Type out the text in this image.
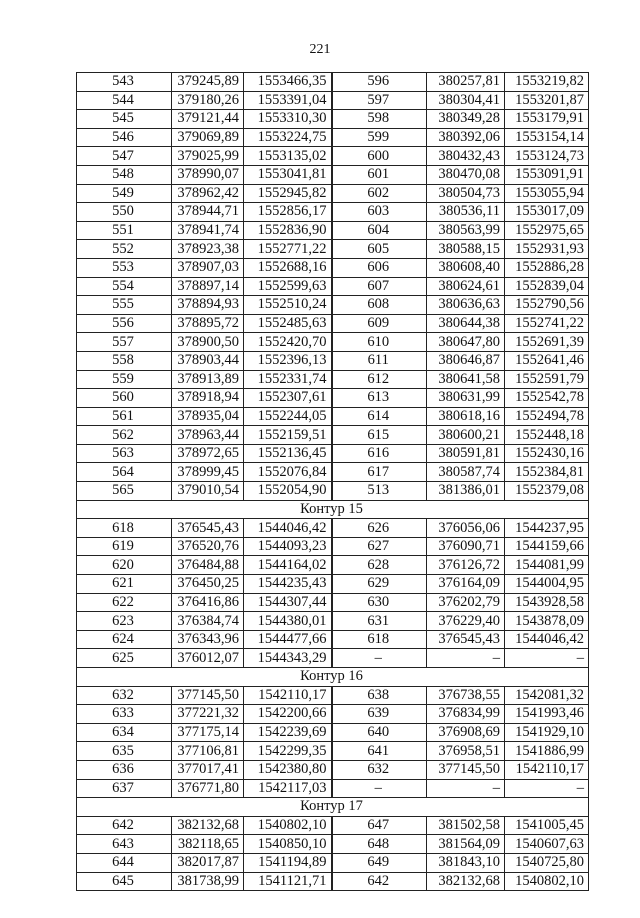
221
543	379245,89	1553466,35	596	380257,81	1553219,82
544	379180,26	1553391,04	597	380304,41	1553201,87
545	379121,44	1553310,30	598	380349,28	1553179,91
546	379069,89	1553224,75	599	380392,06	1553154,14
547	379025,99	1553135,02	600	380432,43	1553124,73
548	378990,07	1553041,81	601	380470,08	1553091,91
549	378962,42	1552945,82	602	380504,73	1553055,94
550	378944,71	1552856,17	603	380536,11	1553017,09
551	378941,74	1552836,90	604	380563,99	1552975,65
552	378923,38	1552771,22	605	380588,15	1552931,93
553	378907,03	1552688,16	606	380608,40	1552886,28
554	378897,14	1552599,63	607	380624,61	1552839,04
555	378894,93	1552510,24	608	380636,63	1552790,56
556	378895,72	1552485,63	609	380644,38	1552741,22
557	378900,50	1552420,70	610	380647,80	1552691,39
558	378903,44	1552396,13	611	380646,87	1552641,46
559	378913,89	1552331,74	612	380641,58	1552591,79
560	378918,94	1552307,61	613	380631,99	1552542,78
561	378935,04	1552244,05	614	380618,16	1552494,78
562	378963,44	1552159,51	615	380600,21	1552448,18
563	378972,65	1552136,45	616	380591,81	1552430,16
564	378999,45	1552076,84	617	380587,74	1552384,81
565	379010,54	1552054,90	513	381386,01	1552379,08
Контур 15					
618	376545,43	1544046,42	626	376056,06	1544237,95
619	376520,76	1544093,23	627	376090,71	1544159,66
620	376484,88	1544164,02	628	376126,72	1544081,99
621	376450,25	1544235,43	629	376164,09	1544004,95
622	376416,86	1544307,44	630	376202,79	1543928,58
623	376384,74	1544380,01	631	376229,40	1543878,09
624	376343,96	1544477,66	618	376545,43	1544046,42
625	376012,07	1544343,29	–	–	–
Контур 16					
632	377145,50	1542110,17	638	376738,55	1542081,32
633	377221,32	1542200,66	639	376834,99	1541993,46
634	377175,14	1542239,69	640	376908,69	1541929,10
635	377106,81	1542299,35	641	376958,51	1541886,99
636	377017,41	1542380,80	632	377145,50	1542110,17
637	376771,80	1542117,03	–	–	–
Контур 17					
642	382132,68	1540802,10	647	381502,58	1541005,45
643	382118,65	1540850,10	648	381564,09	1540607,63
644	382017,87	1541194,89	649	381843,10	1540725,80
645	381738,99	1541121,71	642	382132,68	1540802,10
